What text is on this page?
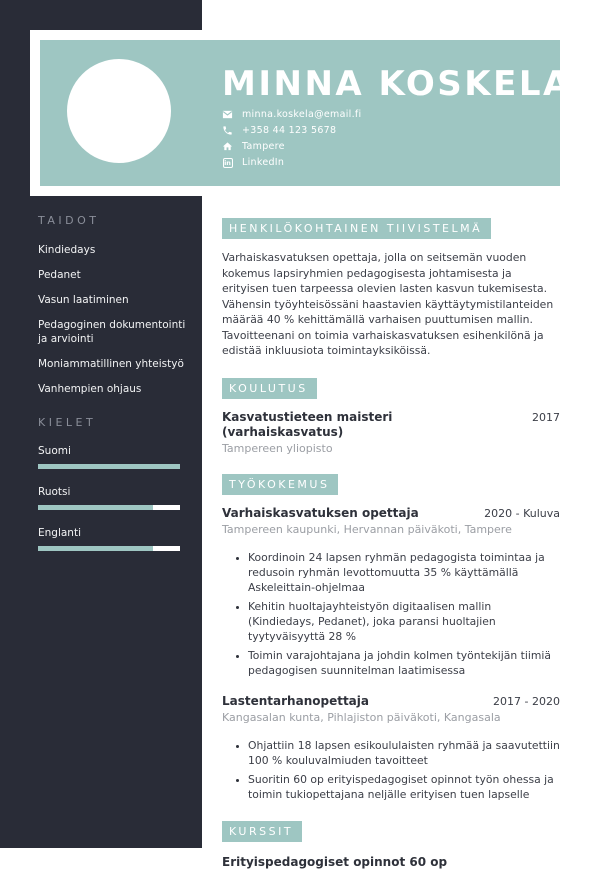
TAIDOT
Kindiedays
Pedanet
Vasun laatiminen
Pedagoginen dokumentointi ja arviointi
Moniammatillinen yhteistyö
Vanhempien ohjaus
KIELET
Suomi
Ruotsi
Englanti
MINNA KOSKELA
minna.koskela@email.fi
+358 44 123 5678
Tampere
in LinkedIn
HENKILÖKOHTAINEN TIIVISTELMÄ

Varhaiskasvatuksen opettaja, jolla on seitsemän vuoden kokemus lapsiryhmien pedagogisesta johtamisesta ja erityisen tuen tarpeessa olevien lasten kasvun tukemisesta. Vähensin työyhteisössäni haastavien käyttäytymistilanteiden määrää 40 % kehittämällä varhaisen puuttumisen mallin. Tavoitteenani on toimia varhaiskasvatuksen esihenkilönä ja edistää inkluusiota toimintayksiköissä.

KOULUTUS
Kasvatustieteen maisteri (varhaiskasvatus)
2017
Tampereen yliopisto
TYÖKOKEMUS
Varhaiskasvatuksen opettaja	2020 - Kuluva
Tampereen kaupunki, Hervannan päiväkoti, Tampere
• Koordinoin 24 lapsen ryhmän pedagogista toimintaa ja redusoin ryhmän levottomuutta 35 % käyttämällä Askeleittain-ohjelmaa
• Kehitin huoltajayhteistyön digitaalisen mallin (Kindiedays, Pedanet), joka paransi huoltajien tyytyväisyyttä 28 %
• Toimin varajohtajana ja johdin kolmen työntekijän tiimiä pedagogisen suunnitelman laatimisessa
Lastentarhanopettaja	2017 - 2020
Kangasalan kunta, Pihlajiston päiväkoti, Kangasala
• Ohjattiin 18 lapsen esikoululaisten ryhmää ja saavutettiin 100 % kouluvalmiuden tavoitteet
• Suoritin 60 op erityispedagogiset opinnot työn ohessa ja toimin tukiopettajana neljälle erityisen tuen lapselle
KURSSIT
Erityispedagogiset opinnot 60 op
